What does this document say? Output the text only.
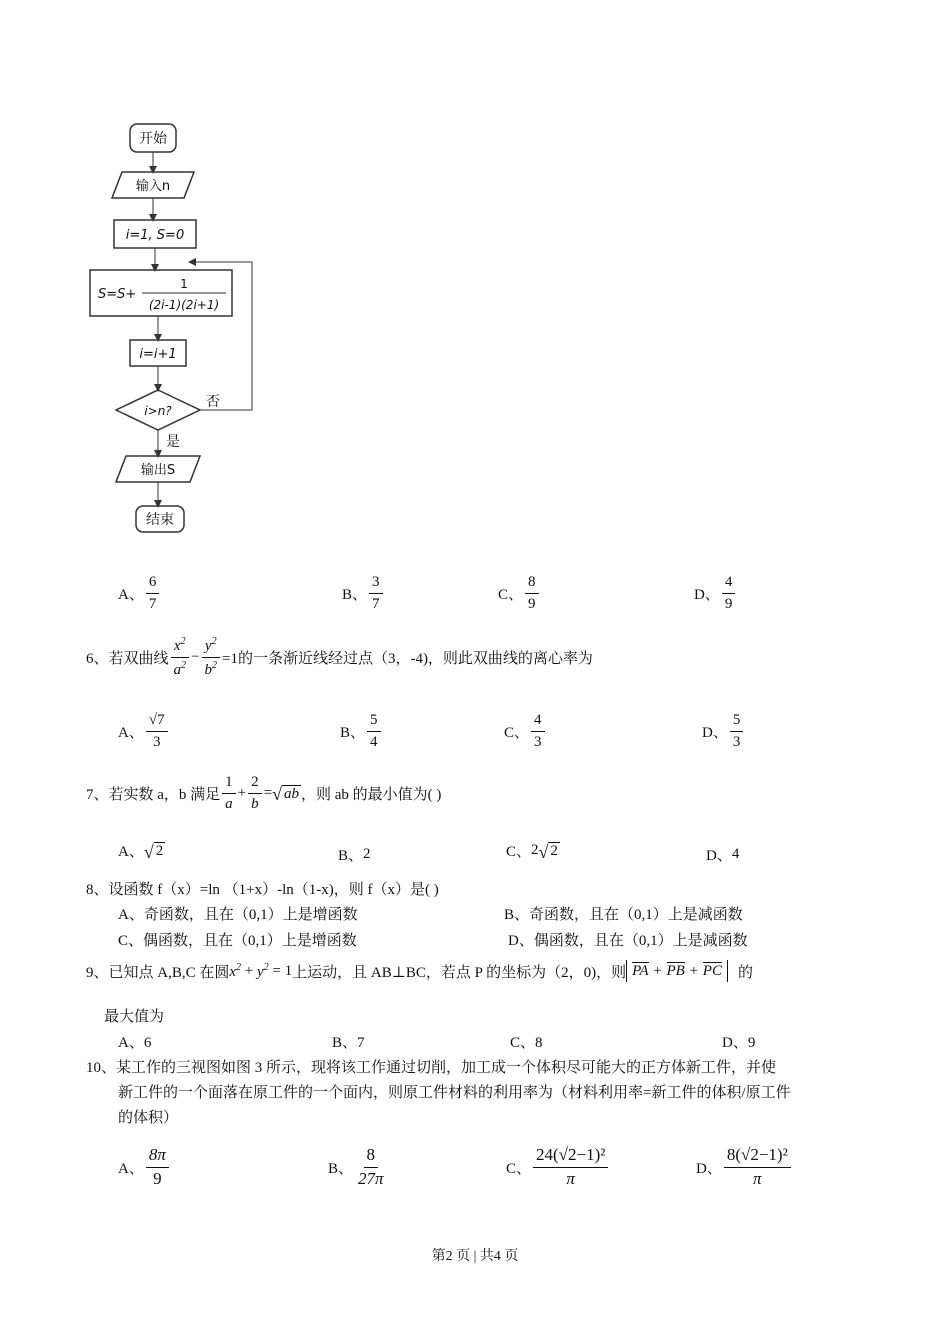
开始
输入n
i=1, S=0
S=S+
1
(2i-1)(2i+1)
i=i+1
i>n?
否
是
输出S
结束
A、 $\frac{6}{7}$	B、 $\frac{3}{7}$	C、 $\frac{8}{9}$	D、 $\frac{4}{9}$
6、若双曲线 $\frac{x^2}{a^2} - \frac{y^2}{b^2} =1$的一条渐近线经过点（3，-4)，则此双曲线的离心率为
A、 $\frac{√7}{3}$	B、 $\frac{5}{4}$	C、 $\frac{4}{3}$	D、 $\frac{5}{3}$
7、若实数 a，b 满足 $\frac{1}{a} + \frac{2}{b}$ = √ ab ，则 ab 的最小值为( )
A、 √ 2	B、 2	C、 2 √ 2	D、 4
8、设函数 f（x）=ln （1+x）-ln（1-x)，则 f（x）是( )
A、奇函数，且在（0,1）上是增函数	B、奇函数，且在（0,1）上是减函数
C、偶函数，且在（0,1）上是增函数	D、偶函数，且在（0,1）上是减函数
9、已知点 A,B,C 在圆 $x^2 + y^2 = 1$ 上运动，且 AB⊥BC，若点 P 的坐标为（2，0)，则 PA + PB + PC	的
最大值为
A、6	B、7	C、8	D、9
10、某工作的三视图如图 3 所示，现将该工作通过切削，加工成一个体积尽可能大的正方体新工件，并使
新工件的一个面落在原工件的一个面内，则原工件材料的利用率为（材料利用率=新工件的体积/原工件
的体积）
A、 $\frac{8\pi}{9}$	B、 $\frac{8}{27\pi}$	C、 $\frac{\text{24(√2−1)²}}{\pi}$	D、 $\frac{\text{8(√2−1)²}}{\pi}$
第2 页 | 共4 页
